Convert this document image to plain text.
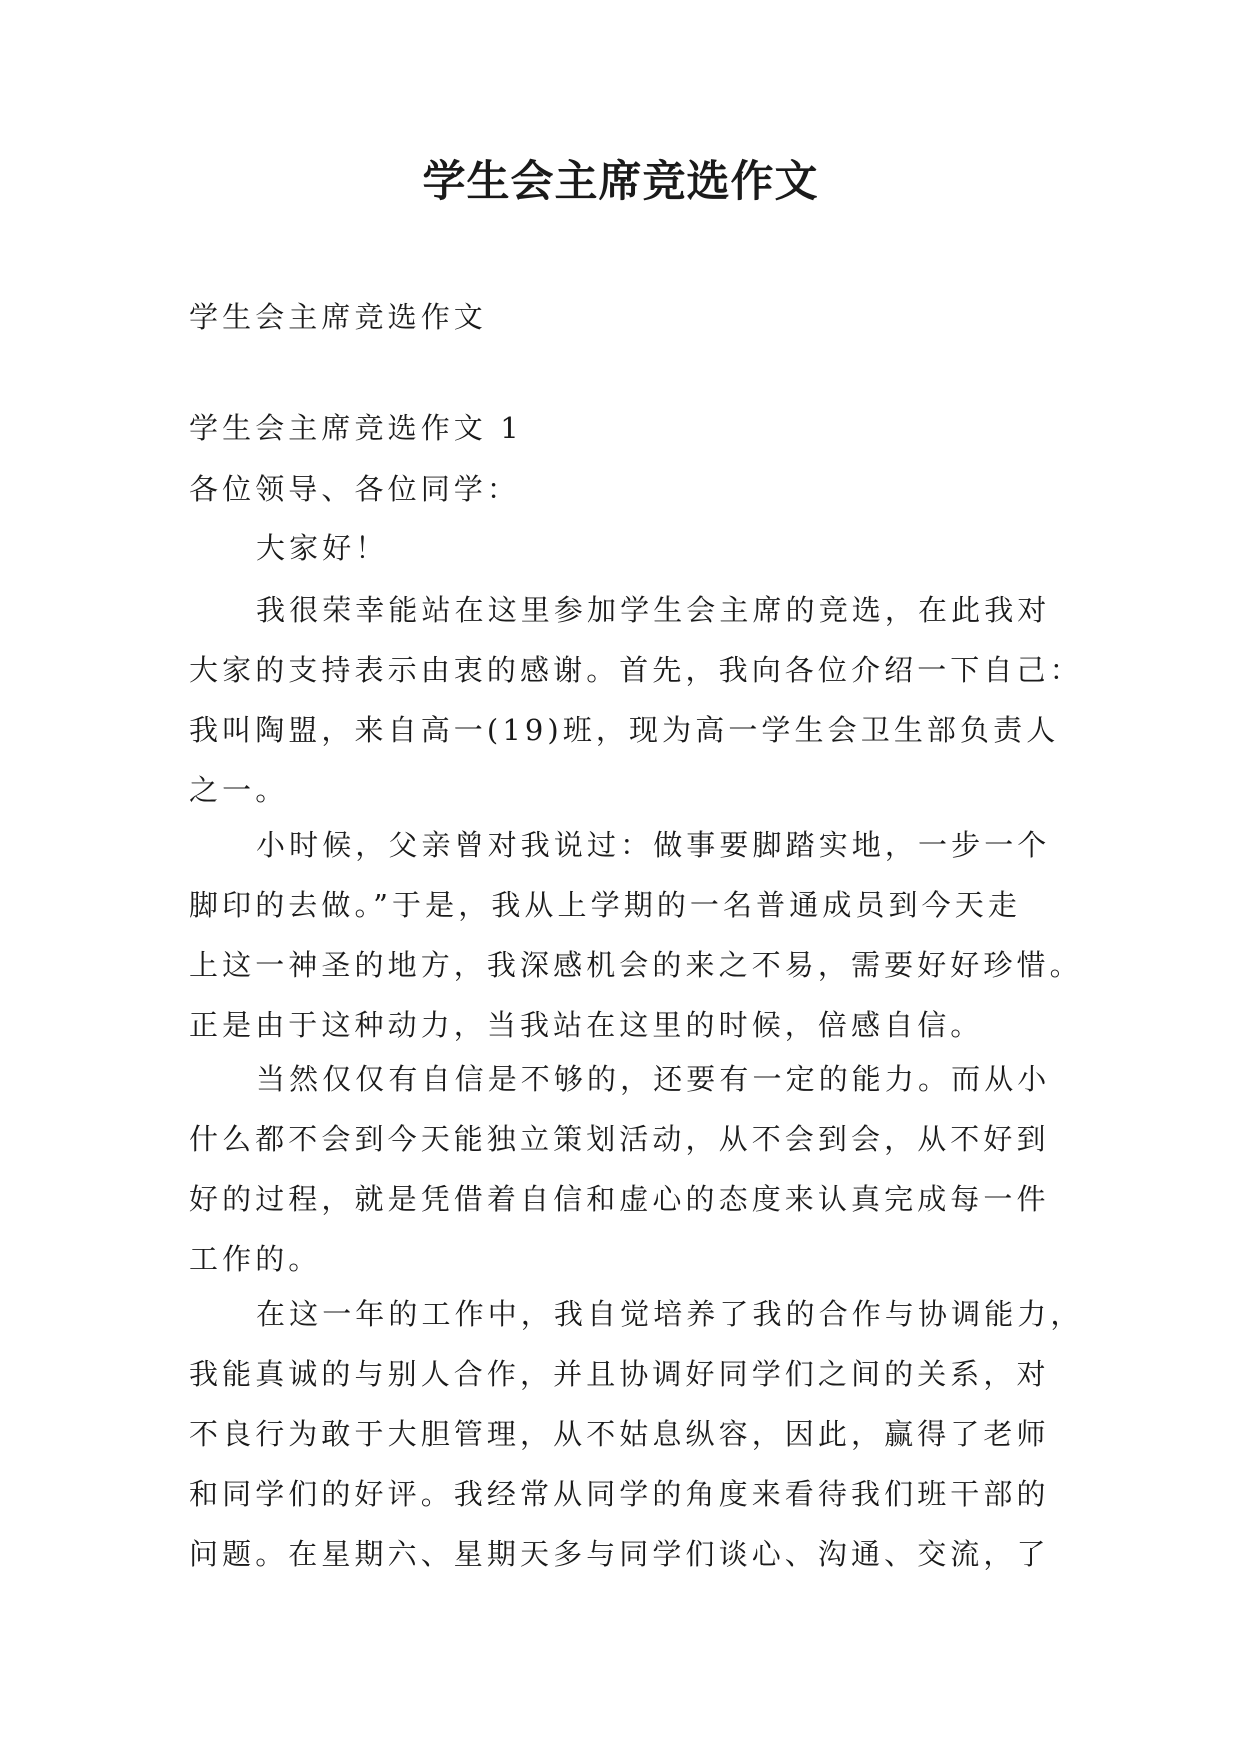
学生会主席竞选作文
学生会主席竞选作文
学生会主席竞选作文 1
各位领导、各位同学：
大家好！
我很荣幸能站在这里参加学生会主席的竞选，在此我对
大家的支持表示由衷的感谢。首先，我向各位介绍一下自己：
我叫陶盟，来自高一(19)班，现为高一学生会卫生部负责人
之一。
小时候，父亲曾对我说过：做事要脚踏实地，一步一个
脚印的去做。”于是，我从上学期的一名普通成员到今天走
上这一神圣的地方，我深感机会的来之不易，需要好好珍惜。
正是由于这种动力，当我站在这里的时候，倍感自信。
当然仅仅有自信是不够的，还要有一定的能力。而从小
什么都不会到今天能独立策划活动，从不会到会，从不好到
好的过程，就是凭借着自信和虚心的态度来认真完成每一件
工作的。
在这一年的工作中，我自觉培养了我的合作与协调能力，
我能真诚的与别人合作，并且协调好同学们之间的关系，对
不良行为敢于大胆管理，从不姑息纵容，因此，赢得了老师
和同学们的好评。我经常从同学的角度来看待我们班干部的
问题。在星期六、星期天多与同学们谈心、沟通、交流，了
